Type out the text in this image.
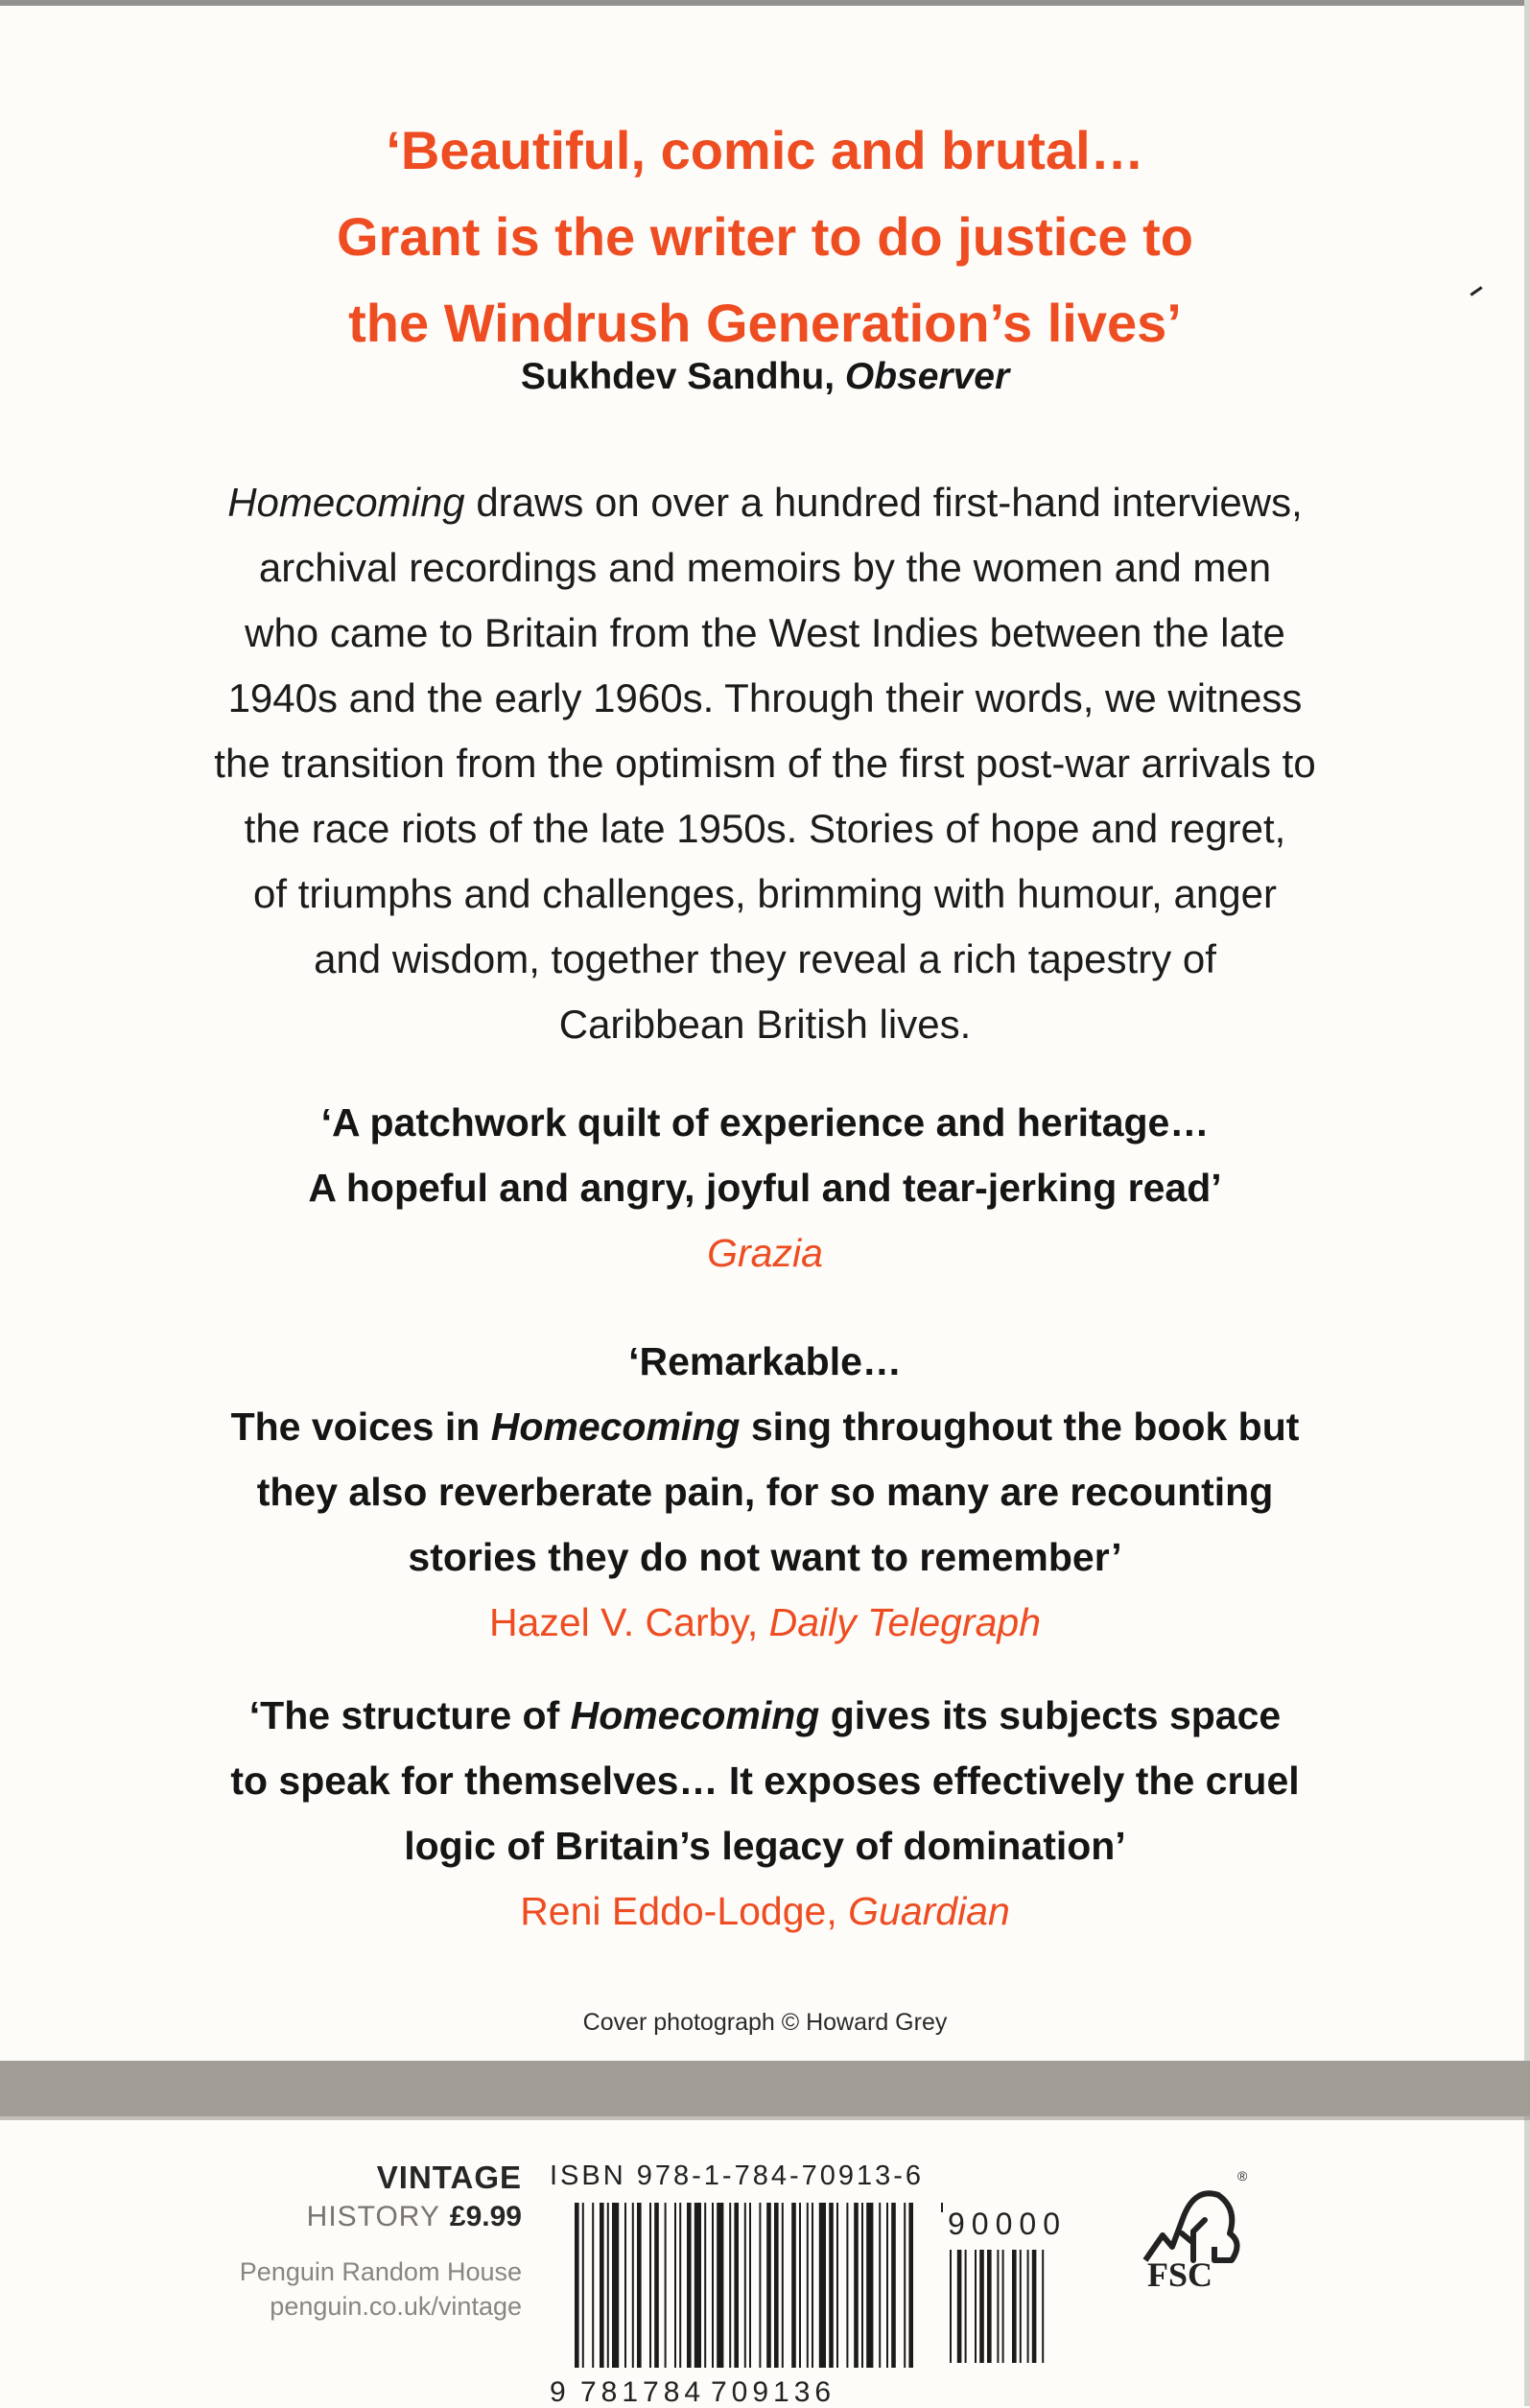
‘Beautiful, comic and brutal…
Grant is the writer to do justice to
the Windrush Generation’s lives’
Sukhdev Sandhu, Observer
Homecoming draws on over a hundred first-hand interviews,
archival recordings and memoirs by the women and men
who came to Britain from the West Indies between the late
1940s and the early 1960s. Through their words, we witness
the transition from the optimism of the first post-war arrivals to
the race riots of the late 1950s. Stories of hope and regret,
of triumphs and challenges, brimming with humour, anger
and wisdom, together they reveal a rich tapestry of
Caribbean British lives.
‘A patchwork quilt of experience and heritage…
A hopeful and angry, joyful and tear-jerking read’
Grazia
‘Remarkable…
The voices in Homecoming sing throughout the book but
they also reverberate pain, for so many are recounting
stories they do not want to remember’
Hazel V. Carby, Daily Telegraph
‘The structure of Homecoming gives its subjects space
to speak for themselves… It exposes effectively the cruel
logic of Britain’s legacy of domination’
Reni Eddo-Lodge, Guardian
Cover photograph © Howard Grey
VINTAGE
HISTORY £9.99
Penguin Random House
penguin.co.uk/vintage
ISBN 978-1-784-70913-6
90000
9 781784 709136
FSC
®
